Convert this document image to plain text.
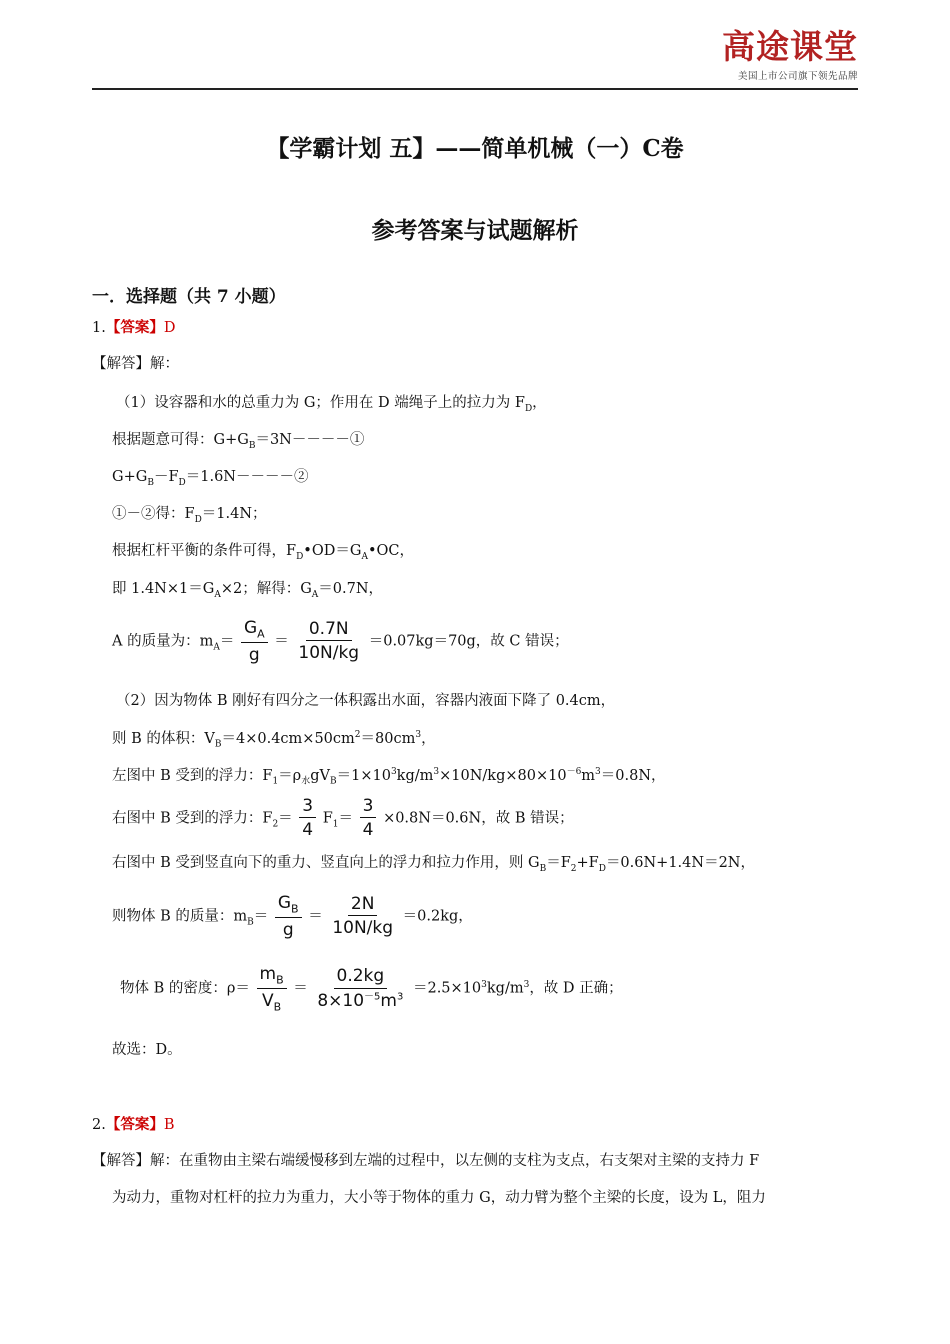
高途课堂
美国上市公司旗下领先品牌
【学霸计划 五】——简单机械（一）C卷
参考答案与试题解析
一．选择题（共 7 小题）
1.【答案】D
【解答】解：
（1）设容器和水的总重力为 G；作用在 D 端绳子上的拉力为 $F_D$，
根据题意可得：$G+G_B=3N----①$
$G+G_B-F_D=1.6N----②$
①－②得：$F_D=1.4N$；
根据杠杆平衡的条件可得，$F_D•OD=G_A•OC$，
即 $1.4N\times 1=G_A\times 2$；解得：$G_A=0.7N$，
A 的质量为：$m_A= \frac{G_A}{g} = \frac{0.7N}{10N/kg} =0.07kg=70g$，故 C 错误；
（2）因为物体 B 刚好有四分之一体积露出水面，容器内液面下降了 0.4cm，
则 B 的体积：$V_B=4\times 0.4cm\times 50cm^2=80cm^3$，
左图中 B 受到的浮力：$F_1=\rho_水gV_B=1\times 10^3kg/m^3\times 10N/kg\times 80\times 10^{-6}m^3=0.8N$，
右图中 B 受到的浮力：$F_2= \frac{3}{4} F_1= \frac{3}{4} \times 0.8N=0.6N$，故 B 错误；
右图中 B 受到竖直向下的重力、竖直向上的浮力和拉力作用，则 $G_B=F_2+F_D=0.6N+1.4N=2N$，
则物体 B 的质量：$m_B= \frac{G_B}{g} = \frac{2N}{10N/kg} =0.2kg$，
物体 B 的密度：$\rho= \frac{m_B}{V_B} = \frac{0.2kg}{8\times 10^{-5}m^3} =2.5\times 10^3kg/m^3$，故 D 正确；
故选：D。
2.【答案】B
【解答】解：在重物由主梁右端缓慢移到左端的过程中，以左侧的支柱为支点，右支架对主梁的支持力 F
为动力，重物对杠杆的拉力为重力，大小等于物体的重力 G，动力臂为整个主梁的长度，设为 L，阻力
